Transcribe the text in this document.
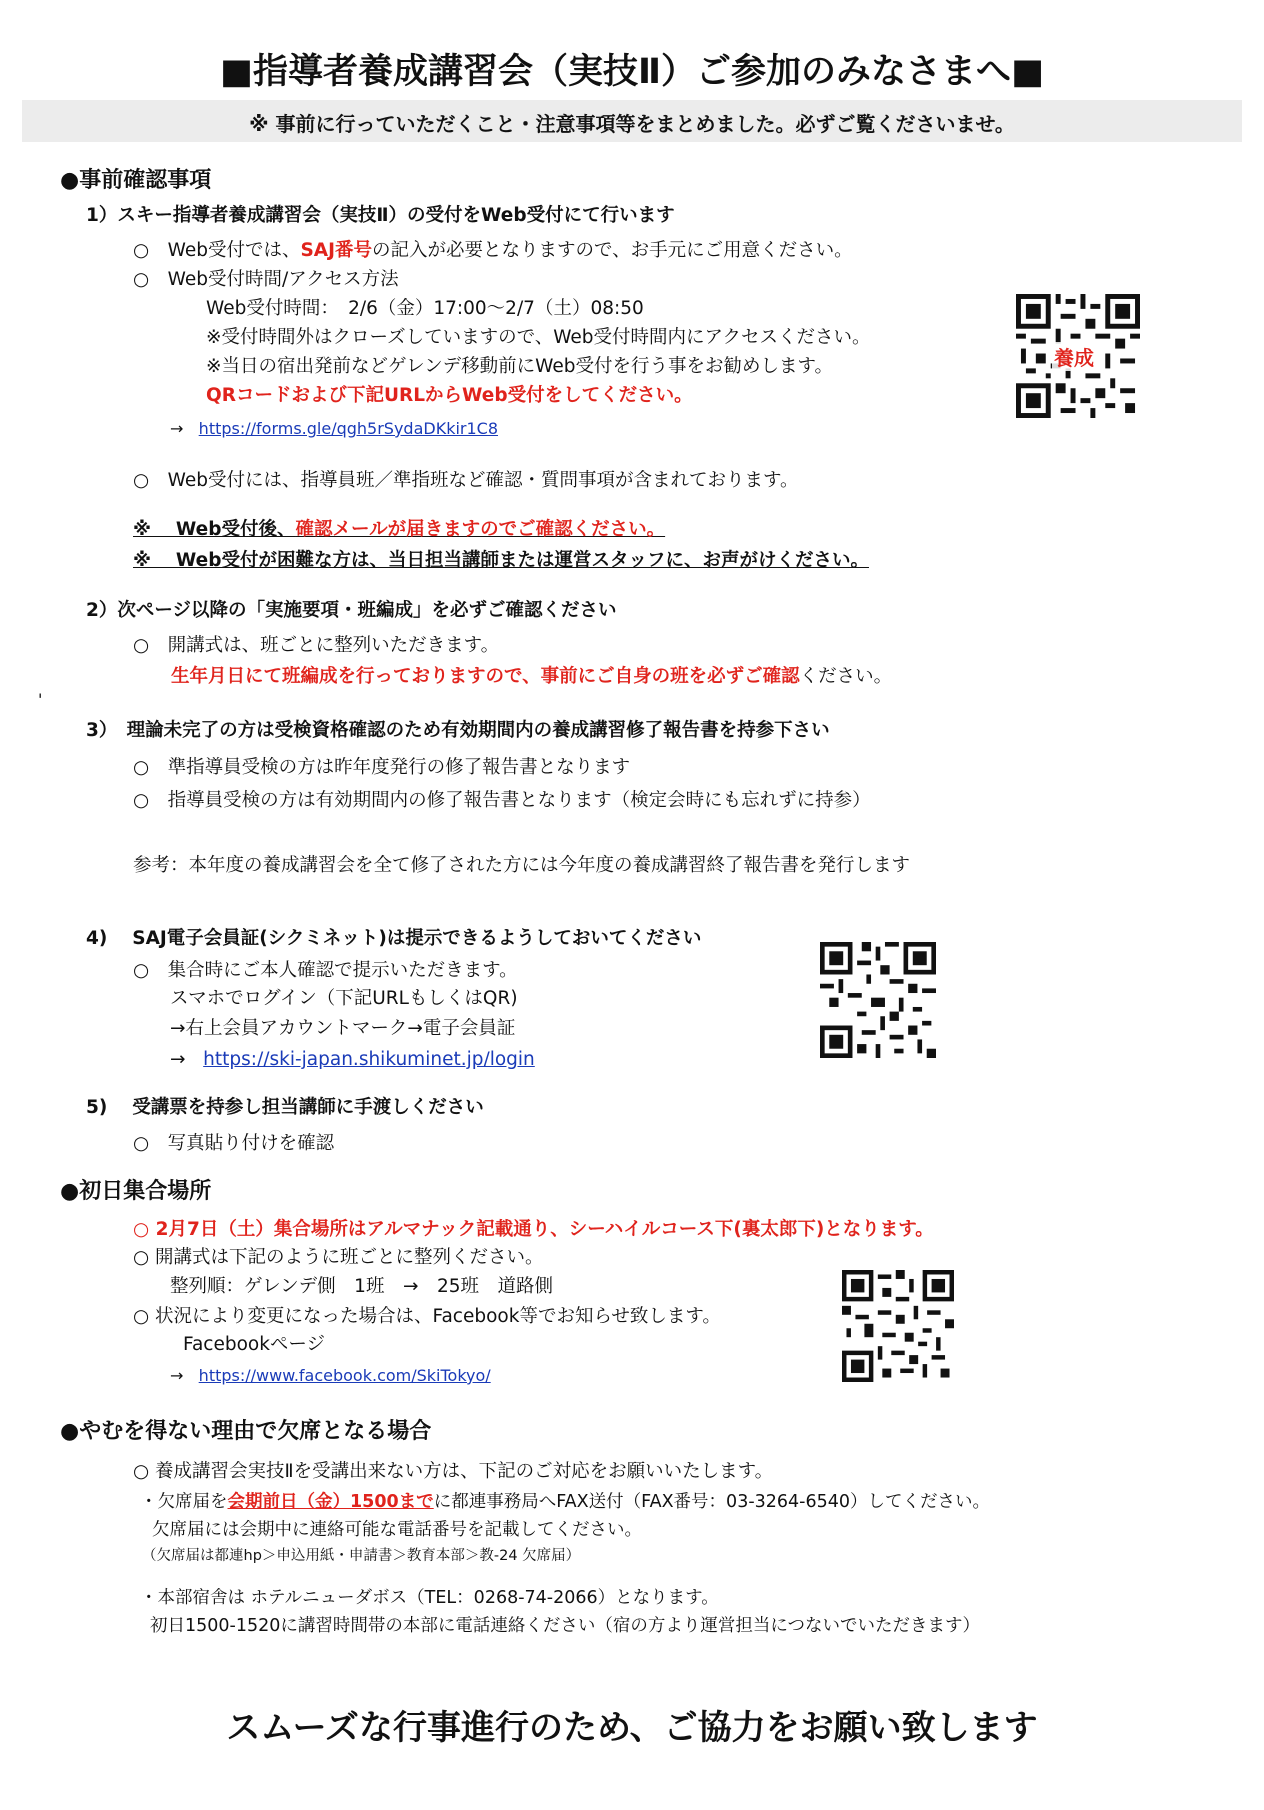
■指導者養成講習会（実技Ⅱ）ご参加のみなさまへ■
※ 事前に行っていただくこと・注意事項等をまとめました。必ずご覧くださいませ。
●事前確認事項
1）スキー指導者養成講習会（実技Ⅱ）の受付をWeb受付にて行います
○　Web受付では、SAJ番号の記入が必要となりますので、お手元にご用意ください。
○　Web受付時間/アクセス方法
Web受付時間：　2/6（金）17:00～2/7（土）08:50
※受付時間外はクローズしていますので、Web受付時間内にアクセスください。
※当日の宿出発前などゲレンデ移動前にWeb受付を行う事をお勧めします。
QRコードおよび下記URLからWeb受付をしてください。
→ https://forms.gle/qgh5rSydaDKkir1C8
○　Web受付には、指導員班／準指班など確認・質問事項が含まれております。
※　 Web受付後、確認メールが届きますのでご確認ください。
※　 Web受付が困難な方は、当日担当講師または運営スタッフに、お声がけください。
養成
2）次ページ以降の「実施要項・班編成」を必ずご確認ください
○　開講式は、班ごとに整列いただきます。
生年月日にて班編成を行っておりますので、事前にご自身の班を必ずご確認ください。
'
3）　理論未完了の方は受検資格確認のため有効期間内の養成講習修了報告書を持参下さい
○　準指導員受検の方は昨年度発行の修了報告書となります
○　指導員受検の方は有効期間内の修了報告書となります（検定会時にも忘れずに持参）
参考：本年度の養成講習会を全て修了された方には今年度の養成講習終了報告書を発行します
4)　 SAJ電子会員証(シクミネット)は提示できるようしておいてください
○　集合時にご本人確認で提示いただきます。
スマホでログイン（下記URLもしくはQR)
→右上会員アカウントマーク→電子会員証
→ https://ski-japan.shikuminet.jp/login
5)　 受講票を持参し担当講師に手渡しください
○　写真貼り付けを確認
●初日集合場所
○ 2月7日（土）集合場所はアルマナック記載通り、シーハイルコース下(裏太郎下)となります。
○ 開講式は下記のように班ごとに整列ください。
整列順：ゲレンデ側　1班　→　25班　道路側
○ 状況により変更になった場合は、Facebook等でお知らせ致します。
Facebookページ
→ https://www.facebook.com/SkiTokyo/
●やむを得ない理由で欠席となる場合
○ 養成講習会実技Ⅱを受講出来ない方は、下記のご対応をお願いいたします。
・欠席届を会期前日（金）1500までに都連事務局へFAX送付（FAX番号：03-3264-6540）してください。
欠席届には会期中に連絡可能な電話番号を記載してください。
（欠席届は都連hp＞申込用紙・申請書＞教育本部＞教-24 欠席届）
・本部宿舎は ホテルニューダボス（TEL：0268-74-2066）となります。
初日1500-1520に講習時間帯の本部に電話連絡ください（宿の方より運営担当につないでいただきます）
スムーズな行事進行のため、ご協力をお願い致します
